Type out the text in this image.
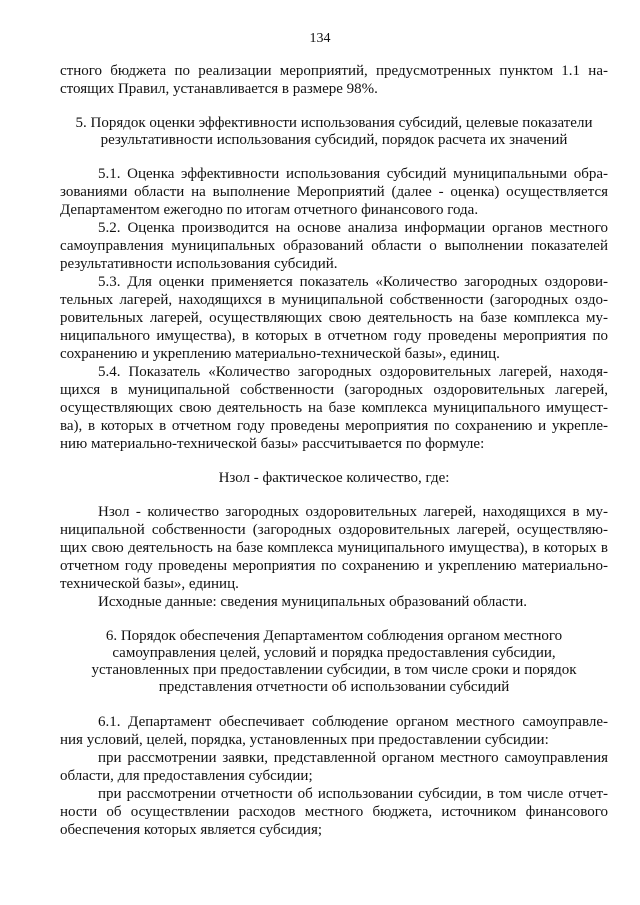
134
стного бюджета по реализации мероприятий, предусмотренных пунктом 1.1 на-
стоящих Правил, устанавливается в размере 98%.
5. Порядок оценки эффективности использования субсидий, целевые показатели
результативности использования субсидий, порядок расчета их значений
5.1. Оценка эффективности использования субсидий муниципальными обра-
зованиями области на выполнение Мероприятий (далее - оценка) осуществляется
Департаментом ежегодно по итогам отчетного финансового года.
5.2. Оценка производится на основе анализа информации органов местного
самоуправления муниципальных образований области о выполнении показателей
результативности использования субсидий.
5.3. Для оценки применяется показатель «Количество загородных оздорови-
тельных лагерей, находящихся в муниципальной собственности (загородных оздо-
ровительных лагерей, осуществляющих свою деятельность на базе комплекса му-
ниципального имущества), в которых в отчетном году проведены мероприятия по
сохранению и укреплению материально-технической базы», единиц.
5.4. Показатель «Количество загородных оздоровительных лагерей, находя-
щихся в муниципальной собственности (загородных оздоровительных лагерей,
осуществляющих свою деятельность на базе комплекса муниципального имущест-
ва), в которых в отчетном году проведены мероприятия по сохранению и укрепле-
нию материально-технической базы» рассчитывается по формуле:
Нзол - фактическое количество, где:
Нзол - количество загородных оздоровительных лагерей, находящихся в му-
ниципальной собственности (загородных оздоровительных лагерей, осуществляю-
щих свою деятельность на базе комплекса муниципального имущества), в которых в
отчетном году проведены мероприятия по сохранению и укреплению материально-
технической базы», единиц.
Исходные данные: сведения муниципальных образований области.
6. Порядок обеспечения Департаментом соблюдения органом местного
самоуправления целей, условий и порядка предоставления субсидии,
установленных при предоставлении субсидии, в том числе сроки и порядок
представления отчетности об использовании субсидий
6.1. Департамент обеспечивает соблюдение органом местного самоуправле-
ния условий, целей, порядка, установленных при предоставлении субсидии:
при рассмотрении заявки, представленной органом местного самоуправления
области, для предоставления субсидии;
при рассмотрении отчетности об использовании субсидии, в том числе отчет-
ности об осуществлении расходов местного бюджета, источником финансового
обеспечения которых является субсидия;
